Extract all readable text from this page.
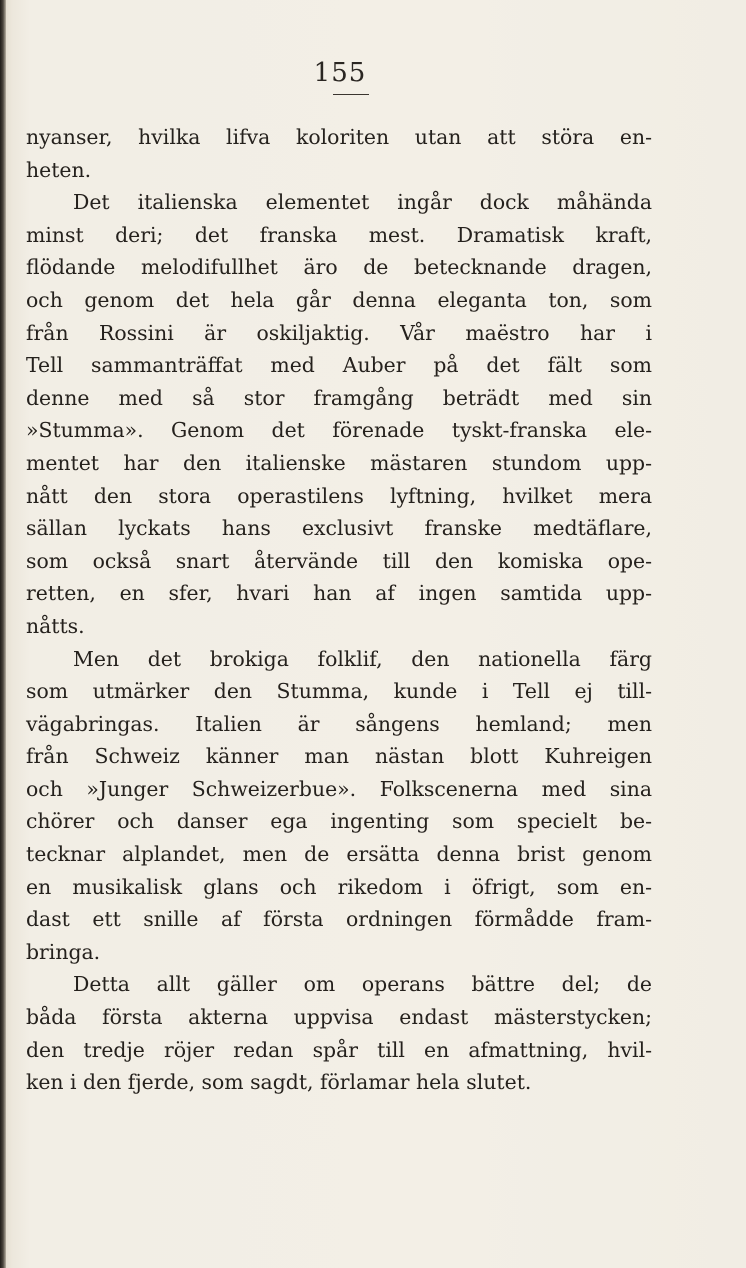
155
nyanser, hvilka lifva koloriten utan att störa en-
heten.
Det italienska elementet ingår dock måhända
minst deri; det franska mest. Dramatisk kraft,
flödande melodifullhet äro de betecknande dragen,
och genom det hela går denna eleganta ton, som
från Rossini är oskiljaktig. Vår maëstro har i
Tell sammanträffat med Auber på det fält som
denne med så stor framgång beträdt med sin
»Stumma». Genom det förenade tyskt-franska ele-
mentet har den italienske mästaren stundom upp-
nått den stora operastilens lyftning, hvilket mera
sällan lyckats hans exclusivt franske medtäflare,
som också snart återvände till den komiska ope-
retten, en sfer, hvari han af ingen samtida upp-
nåtts.
Men det brokiga folklif, den nationella färg
som utmärker den Stumma, kunde i Tell ej till-
vägabringas. Italien är sångens hemland; men
från Schweiz känner man nästan blott Kuhreigen
och »Junger Schweizerbue». Folkscenerna med sina
chörer och danser ega ingenting som specielt be-
tecknar alplandet, men de ersätta denna brist genom
en musikalisk glans och rikedom i öfrigt, som en-
dast ett snille af första ordningen förmådde fram-
bringa.
Detta allt gäller om operans bättre del; de
båda första akterna uppvisa endast mästerstycken;
den tredje röjer redan spår till en afmattning, hvil-
ken i den fjerde, som sagdt, förlamar hela slutet.
